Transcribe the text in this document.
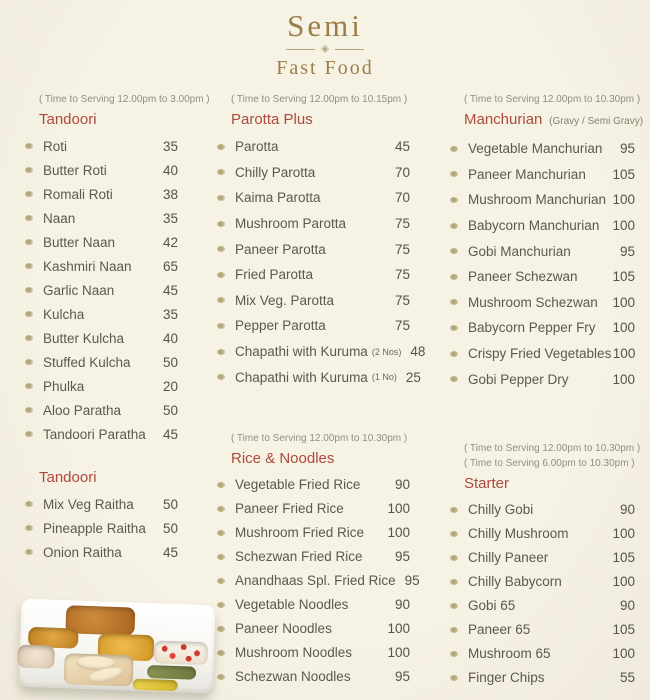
Semi
Fast Food
( Time to Serving 12.00pm to 3.00pm )
Tandoori
Roti	35
Butter Roti	40
Romali Roti	38
Naan	35
Butter Naan	42
Kashmiri Naan	65
Garlic Naan	45
Kulcha	35
Butter Kulcha	40
Stuffed Kulcha	50
Phulka	20
Aloo Paratha	50
Tandoori Paratha	45
Tandoori
Mix Veg Raitha	50
Pineapple Raitha	50
Onion Raitha	45
( Time to Serving 12.00pm to 10.15pm )
Parotta Plus
Parotta	45
Chilly Parotta	70
Kaima Parotta	70
Mushroom Parotta	75
Paneer Parotta	75
Fried Parotta	75
Mix Veg. Parotta	75
Pepper Parotta	75
Chapathi with Kuruma (2 Nos) 48
Chapathi with Kuruma (1 No) 25
( Time to Serving 12.00pm to 10.30pm )
Rice & Noodles
Vegetable Fried Rice	90
Paneer Fried Rice	100
Mushroom Fried Rice 100
Schezwan Fried Rice	95
Anandhaas Spl. Fried Rice 95
Vegetable Noodles	90
Paneer Noodles	100
Mushroom Noodles	100
Schezwan Noodles	95
( Time to Serving 12.00pm to 10.30pm )
Manchurian (Gravy / Semi Gravy)
Vegetable Manchurian	95
Paneer Manchurian 105
Mushroom Manchurian 100
Babycorn Manchurian 100
Gobi Manchurian	95
Paneer Schezwan	105
Mushroom Schezwan 100
Babycorn Pepper Fry 100
Crispy Fried Vegetables 100
Gobi Pepper Dry	100
( Time to Serving 12.00pm to 10.30pm )
( Time to Serving 6.00pm to 10.30pm )
Starter
Chilly Gobi	90
Chilly Mushroom	100
Chilly Paneer	105
Chilly Babycorn	100
Gobi 65	90
Paneer 65	105
Mushroom 65	100
Finger Chips	55
